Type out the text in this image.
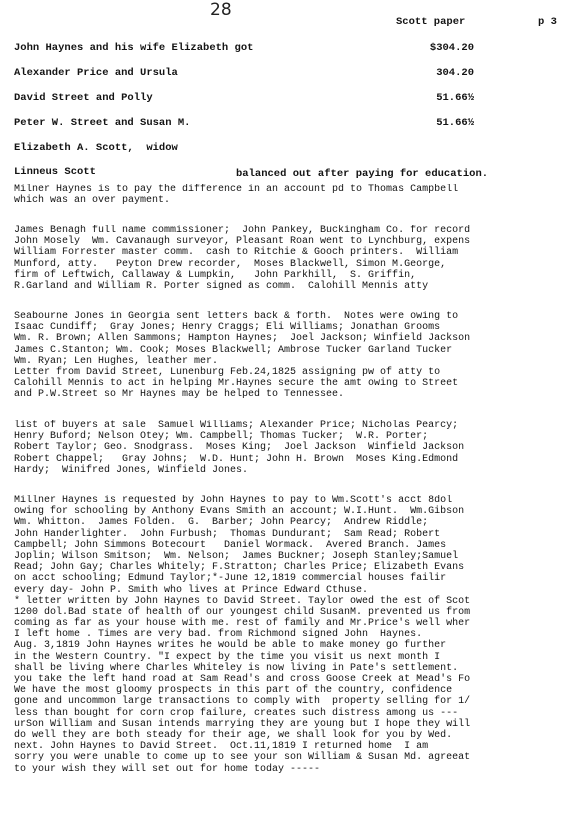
28
Scott paper	p 3
John Haynes and his wife Elizabeth got	$304.20
Alexander Price and Ursula	304.20
David Street and Polly	51.66½
Peter W. Street and Susan M.	51.66½
Elizabeth A. Scott,  widow
Linneus Scott	balanced out after paying for education.
Milner Haynes is to pay the difference in an account pd to Thomas Campbell
which was an over payment.
James Benagh full name commissioner;  John Pankey, Buckingham Co. for record
John Mosely  Wm. Cavanaugh surveyor, Pleasant Roan went to Lynchburg, expens
William Forrester master comm.  cash to Ritchie & Gooch printers.  William
Munford, atty.   Peyton Drew recorder,  Moses Blackwell, Simon M.George,
firm of Leftwich, Callaway & Lumpkin,   John Parkhill,  S. Griffin,
R.Garland and William R. Porter signed as comm.  Calohill Mennis atty
Seabourne Jones in Georgia sent letters back & forth.  Notes were owing to
Isaac Cundiff;  Gray Jones; Henry Craggs; Eli Williams; Jonathan Grooms
Wm. R. Brown; Allen Sammons; Hampton Haynes;  Joel Jackson; Winfield Jackson
James C.Stanton; Wm. Cook; Moses Blackwell; Ambrose Tucker Garland Tucker
Wm. Ryan; Len Hughes, leather mer.
Letter from David Street, Lunenburg Feb.24,1825 assigning pw of atty to
Calohill Mennis to act in helping Mr.Haynes secure the amt owing to Street
and P.W.Street so Mr Haynes may be helped to Tennessee.
list of buyers at sale  Samuel Williams; Alexander Price; Nicholas Pearcy;
Henry Buford; Nelson Otey; Wm. Campbell; Thomas Tucker;  W.R. Porter;
Robert Taylor; Geo. Snodgrass.  Moses King;  Joel Jackson  Winfield Jackson
Robert Chappel;   Gray Johns;  W.D. Hunt; John H. Brown  Moses King.Edmond
Hardy;  Winifred Jones, Winfield Jones.
Millner Haynes is requested by John Haynes to pay to Wm.Scott's acct 8dol
owing for schooling by Anthony Evans Smith an account; W.I.Hunt.  Wm.Gibson
Wm. Whitton.  James Folden.  G.  Barber; John Pearcy;  Andrew Riddle;
John Handerlighter.  John Furbush;  Thomas Dundurant;  Sam Read; Robert
Campbell; John Simmons Botecourt   Daniel Wormack.  Avered Branch. James
Joplin; Wilson Smitson;  Wm. Nelson;  James Buckner; Joseph Stanley;Samuel
Read; John Gay; Charles Whitely; F.Stratton; Charles Price; Elizabeth Evans
on acct schooling; Edmund Taylor;*-June 12,1819 commercial houses failir
every day- John P. Smith who lives at Prince Edward Cthuse.
* letter written by John Haynes to David Street. Taylor owed the est of Scot
1200 dol.Bad state of health of our youngest child SusanM. prevented us from
coming as far as your house with me. rest of family and Mr.Price's well wher
I left home . Times are very bad. from Richmond signed John  Haynes.
Aug. 3,1819 John Haynes writes he would be able to make money go further
in the Western Country. "I expect by the time you visit us next month I
shall be living where Charles Whiteley is now living in Pate's settlement.
you take the left hand road at Sam Read's and cross Goose Creek at Mead's Fo
We have the most gloomy prospects in this part of the country, confidence
gone and uncommon large transactions to comply with  property selling for 1/
less than bought for corn crop failure, creates such distress among us ---
urSon William and Susan intends marrying they are young but I hope they will
do well they are both steady for their age, we shall look for you by Wed.
next. John Haynes to David Street.  Oct.11,1819 I returned home  I am
sorry you were unable to come up to see your son William & Susan Md. agreeat
to your wish they will set out for home today -----
